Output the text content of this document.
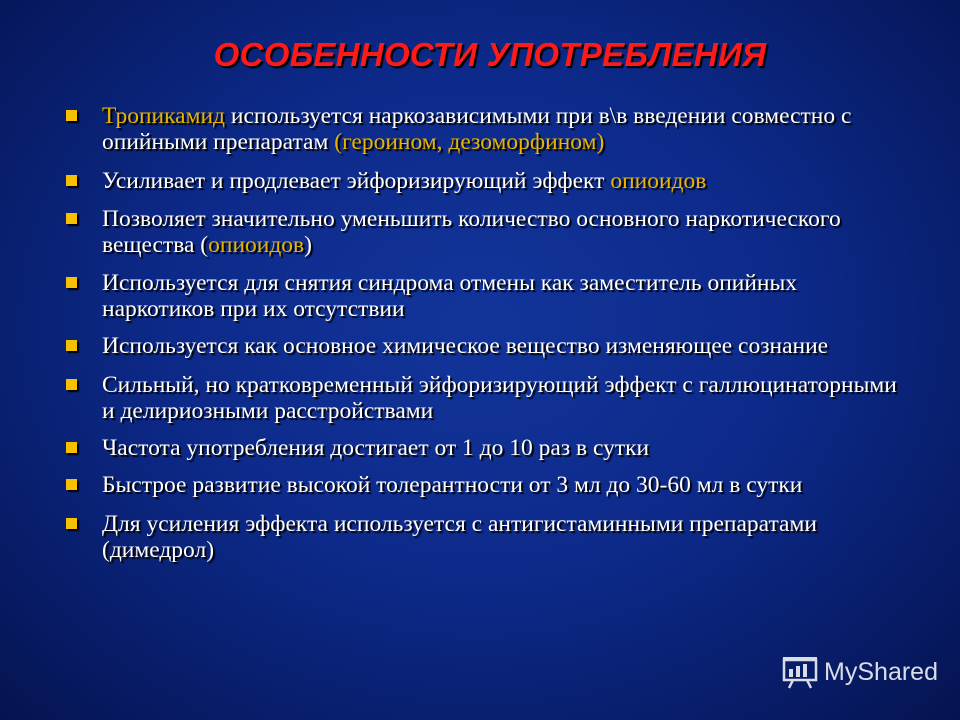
ОСОБЕННОСТИ УПОТРЕБЛЕНИЯ
Тропикамид используется наркозависимыми при в\в введении совместно с опийными препаратам (героином, дезоморфином)
Усиливает и продлевает эйфоризирующий эффект опиоидов
Позволяет значительно уменьшить количество основного наркотического вещества (опиоидов)
Используется для снятия синдрома отмены как заместитель опийных наркотиков при их отсутствии
Используется как основное химическое вещество изменяющее сознание
Сильный, но кратковременный эйфоризирующий эффект с галлюцинаторными и делириозными расстройствами
Частота употребления достигает от 1 до 10 раз в сутки
Быстрое развитие высокой толерантности от 3 мл до 30-60 мл в сутки
Для усиления эффекта используется с антигистаминными препаратами (димедрол)
MyShared
